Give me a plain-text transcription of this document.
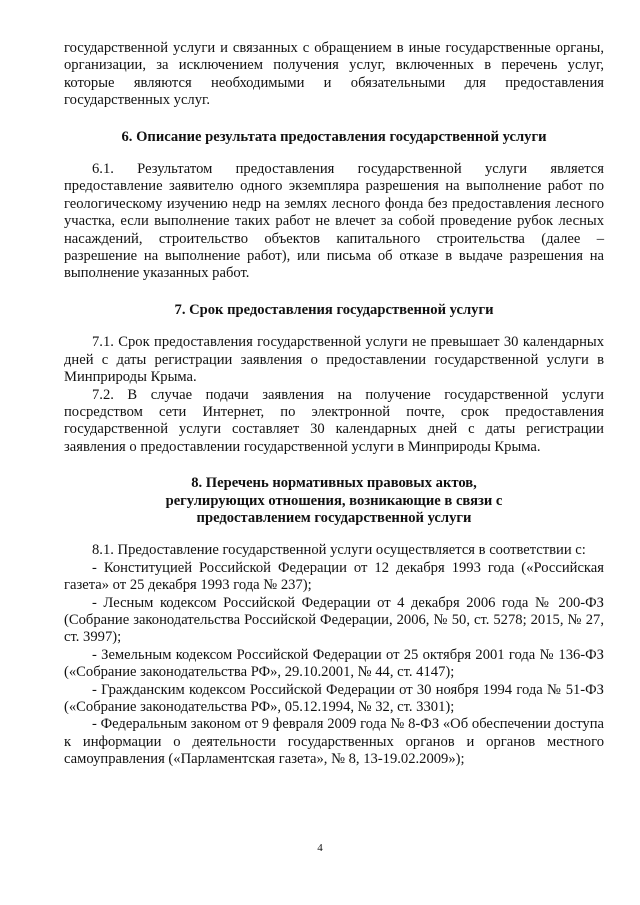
государственной услуги и связанных с обращением в иные государственные органы, организации, за исключением получения услуг, включенных в перечень услуг, которые являются необходимыми и обязательными для предоставления государственных услуг.

6. Описание результата предоставления государственной услуги

6.1. Результатом предоставления государственной услуги является предоставление заявителю одного экземпляра разрешения на выполнение работ по геологическому изучению недр на землях лесного фонда без предоставления лесного участка, если выполнение таких работ не влечет за собой проведение рубок лесных насаждений, строительство объектов капитального строительства (далее – разрешение на выполнение работ), или письма об отказе в выдаче разрешения на выполнение указанных работ.

7. Срок предоставления государственной услуги

7.1. Срок предоставления государственной услуги не превышает 30 календарных дней с даты регистрации заявления о предоставлении государственной услуги в Минприроды Крыма.

7.2. В случае подачи заявления на получение государственной услуги посредством сети Интернет, по электронной почте, срок предоставления государственной услуги составляет 30 календарных дней с даты регистрации заявления о предоставлении государственной услуги в Минприроды Крыма.

8. Перечень нормативных правовых актов,

регулирующих отношения, возникающие в связи с

предоставлением государственной услуги

8.1. Предоставление государственной услуги осуществляется в соответствии с:

- Конституцией Российской Федерации от 12 декабря 1993 года («Российская газета» от 25 декабря 1993 года № 237);

- Лесным кодексом Российской Федерации от 4 декабря 2006 года № 200-ФЗ (Собрание законодательства Российской Федерации, 2006, № 50, ст. 5278; 2015, № 27, ст. 3997);

- Земельным кодексом Российской Федерации от 25 октября 2001 года № 136-ФЗ («Собрание законодательства РФ», 29.10.2001, № 44, ст. 4147);

- Гражданским кодексом Российской Федерации от 30 ноября 1994 года № 51-ФЗ («Собрание законодательства РФ», 05.12.1994, № 32, ст. 3301);

- Федеральным законом от 9 февраля 2009 года № 8-ФЗ «Об обеспечении доступа к информации о деятельности государственных органов и органов местного самоуправления («Парламентская газета», № 8, 13-19.02.2009»);

4
